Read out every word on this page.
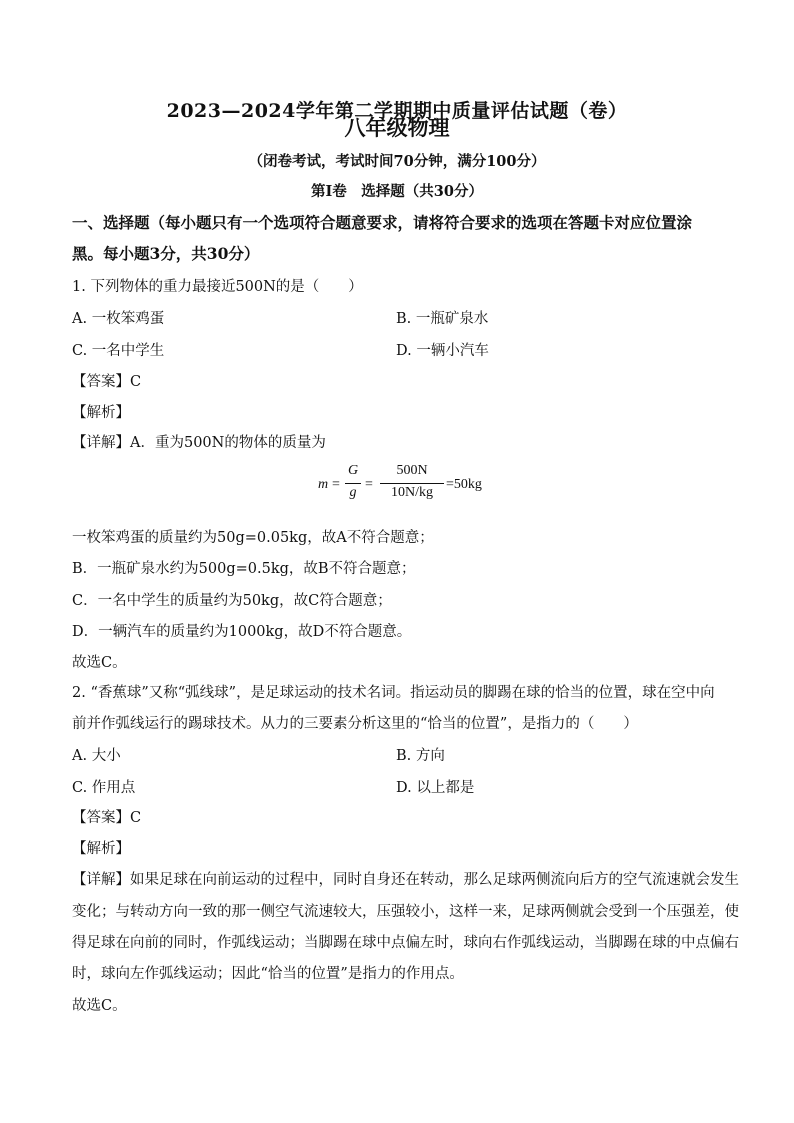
2023—2024学年第二学期期中质量评估试题（卷）
八年级物理
（闭卷考试，考试时间70分钟，满分100分）
第Ⅰ卷　选择题（共30分）
一、选择题（每小题只有一个选项符合题意要求，请将符合要求的选项在答题卡对应位置涂
黑。每小题3分，共30分）
1. 下列物体的重力最接近500N的是（　　）
A. 一枚笨鸡蛋	B. 一瓶矿泉水
C. 一名中学生	D. 一辆小汽车
【答案】C
【解析】
【详解】A．重为500N的物体的质量为
m =
G
g
=
500N
10N/kg
=50kg
一枚笨鸡蛋的质量约为50g=0.05kg，故A不符合题意；
B．一瓶矿泉水约为500g=0.5kg，故B不符合题意；
C．一名中学生的质量约为50kg，故C符合题意；
D．一辆汽车的质量约为1000kg，故D不符合题意。
故选C。
2. “香蕉球”又称“弧线球”，是足球运动的技术名词。指运动员的脚踢在球的恰当的位置，球在空中向
前并作弧线运行的踢球技术。从力的三要素分析这里的“恰当的位置”，是指力的（　　）
A. 大小	B. 方向
C. 作用点	D. 以上都是
【答案】C
【解析】
【详解】如果足球在向前运动的过程中，同时自身还在转动，那么足球两侧流向后方的空气流速就会发生
变化；与转动方向一致的那一侧空气流速较大，压强较小，这样一来，足球两侧就会受到一个压强差，使
得足球在向前的同时，作弧线运动；当脚踢在球中点偏左时，球向右作弧线运动，当脚踢在球的中点偏右
时，球向左作弧线运动；因此“恰当的位置”是指力的作用点。
故选C。
